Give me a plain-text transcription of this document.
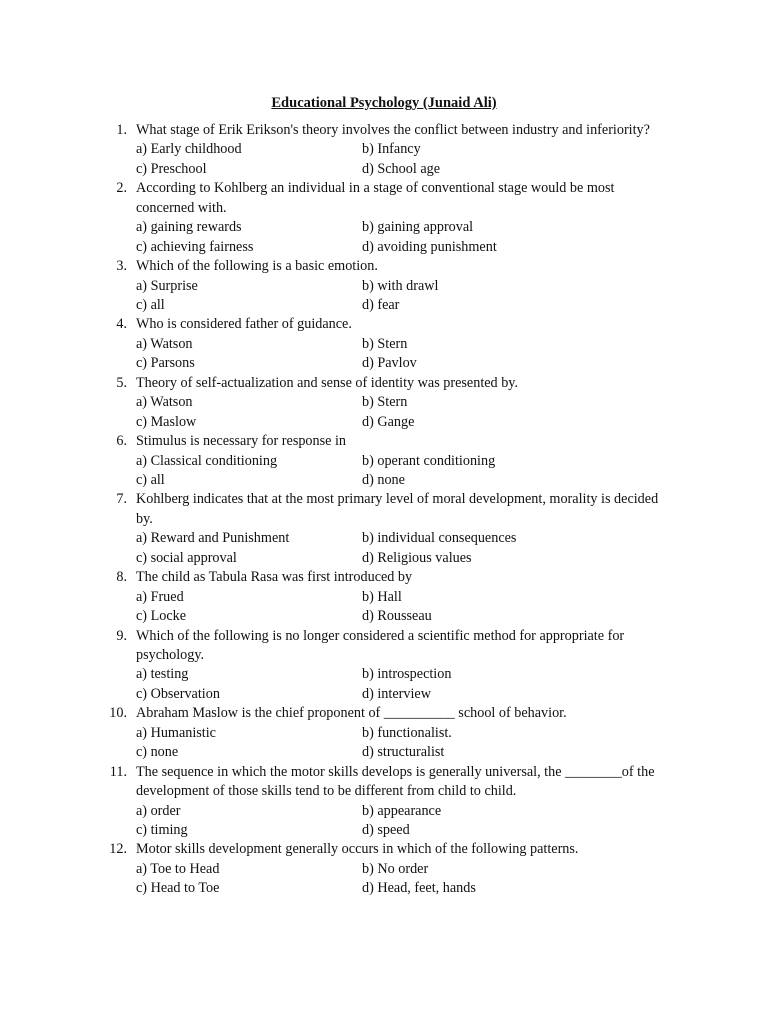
Educational Psychology (Junaid Ali)
1. What stage of Erik Erikson's theory involves the conflict between industry and inferiority?
a) Early childhood	b) Infancy
c) Preschool	d) School age
2. According to Kohlberg an individual in a stage of conventional stage would be most concerned with.
a) gaining rewards	b) gaining approval
c) achieving fairness	d) avoiding punishment
3. Which of the following is a basic emotion.
a) Surprise	b) with drawl
c) all	d) fear
4. Who is considered father of guidance.
a) Watson	b) Stern
c) Parsons	d) Pavlov
5. Theory of self-actualization and sense of identity was presented by.
a) Watson	b) Stern
c) Maslow	d) Gange
6. Stimulus is necessary for response in
a) Classical conditioning	b) operant conditioning
c) all	d) none
7. Kohlberg indicates that at the most primary level of moral development, morality is decided by.
a) Reward and Punishment	b) individual consequences
c) social approval	d) Religious values
8. The child as Tabula Rasa was first introduced by
a) Frued	b) Hall
c) Locke	d) Rousseau
9. Which of the following is no longer considered a scientific method for appropriate for psychology.
a) testing	b) introspection
c) Observation	d) interview
10. Abraham Maslow is the chief proponent of __________ school of behavior.
a) Humanistic	b) functionalist.
c) none	d) structuralist
11. The sequence in which the motor skills develops is generally universal, the ________of the development of those skills tend to be different from child to child.
a) order	b) appearance
c) timing	d) speed
12. Motor skills development generally occurs in which of the following patterns.
a) Toe to Head	b) No order
c) Head to Toe	d) Head, feet, hands
